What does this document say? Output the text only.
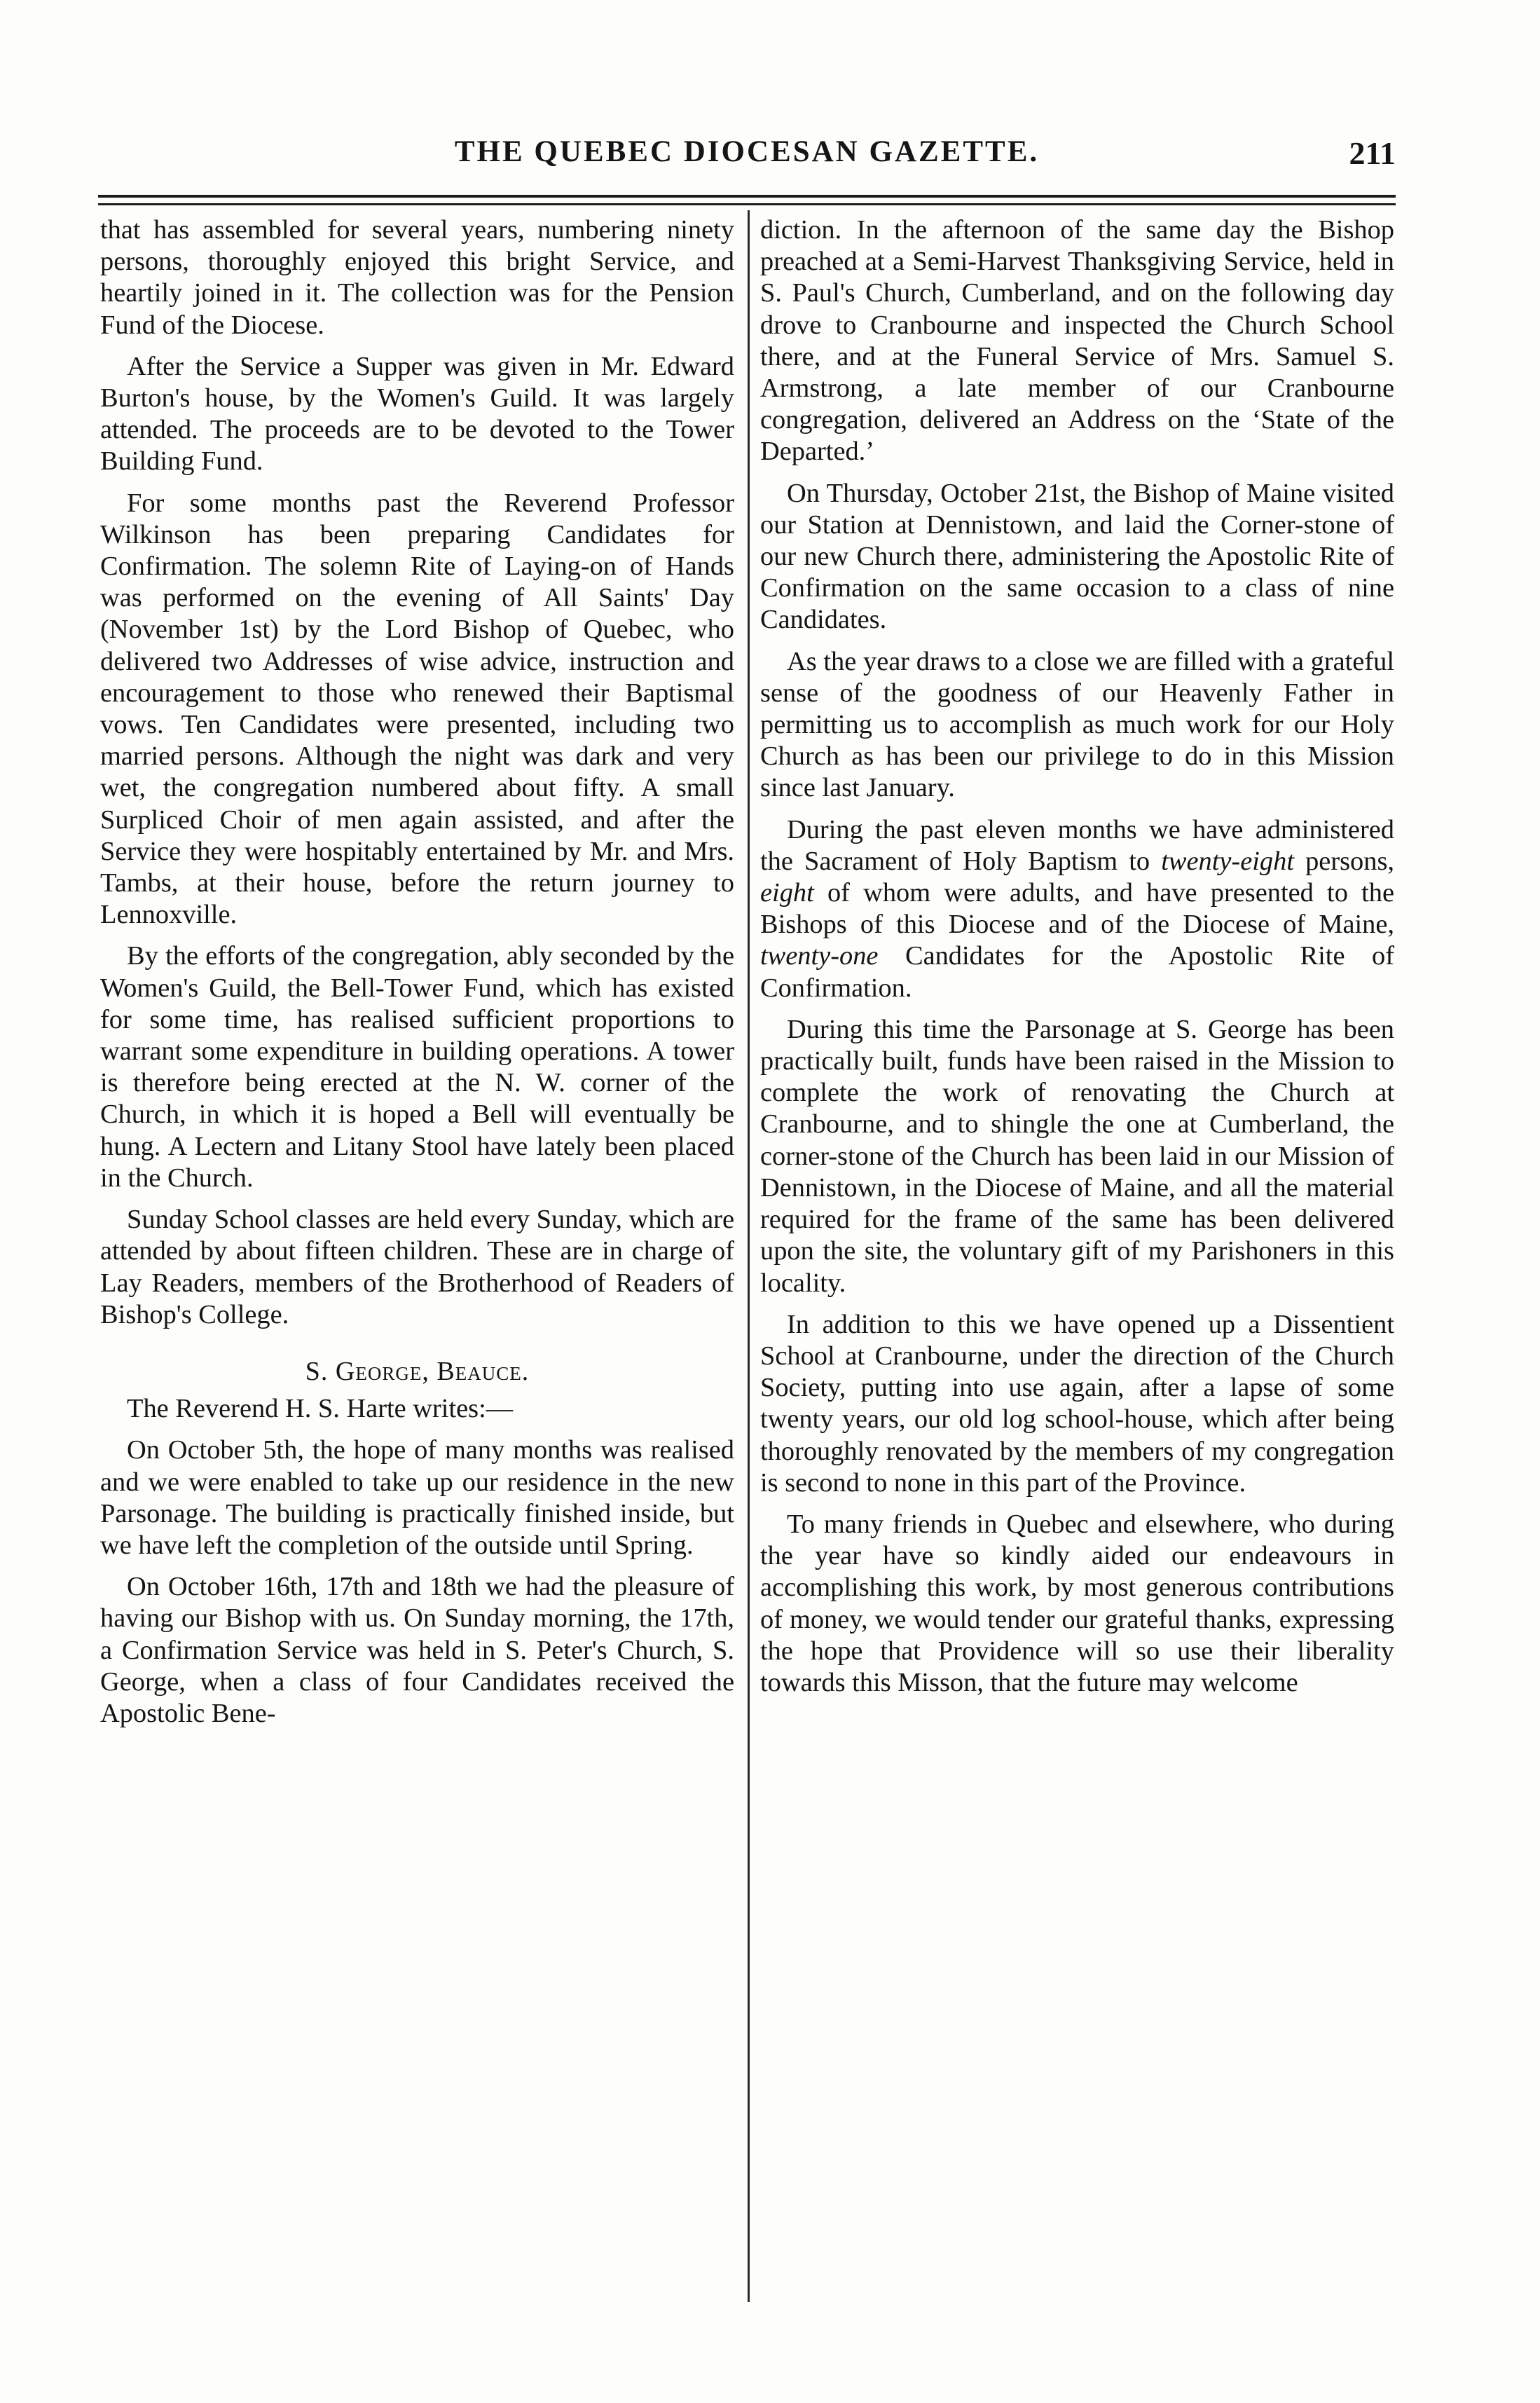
THE QUEBEC DIOCESAN GAZETTE.	211

that has assembled for several years, numbering ninety persons, thoroughly enjoyed this bright Service, and heartily joined in it. The collection was for the Pension Fund of the Diocese.

After the Service a Supper was given in Mr. Edward Burton's house, by the Women's Guild. It was largely attended. The proceeds are to be devoted to the Tower Building Fund.

For some months past the Reverend Professor Wilkinson has been preparing Candidates for Confirmation. The solemn Rite of Laying-on of Hands was performed on the evening of All Saints' Day (November 1st) by the Lord Bishop of Quebec, who delivered two Addresses of wise advice, instruction and encouragement to those who renewed their Baptismal vows. Ten Candidates were presented, including two married persons. Although the night was dark and very wet, the congregation numbered about fifty. A small Surpliced Choir of men again assisted, and after the Service they were hospitably entertained by Mr. and Mrs. Tambs, at their house, before the return journey to Lennoxville.

By the efforts of the congregation, ably seconded by the Women's Guild, the Bell-Tower Fund, which has existed for some time, has realised sufficient proportions to warrant some expenditure in building operations. A tower is therefore being erected at the N. W. corner of the Church, in which it is hoped a Bell will eventually be hung. A Lectern and Litany Stool have lately been placed in the Church.

Sunday School classes are held every Sunday, which are attended by about fifteen children. These are in charge of Lay Readers, members of the Brotherhood of Readers of Bishop's College.

S. George, Beauce.

The Reverend H. S. Harte writes:—

On October 5th, the hope of many months was realised and we were enabled to take up our residence in the new Parsonage. The building is practically finished inside, but we have left the completion of the outside until Spring.

On October 16th, 17th and 18th we had the pleasure of having our Bishop with us. On Sunday morning, the 17th, a Confirmation Service was held in S. Peter's Church, S. George, when a class of four Candidates received the Apostolic Bene-

diction. In the afternoon of the same day the Bishop preached at a Semi-Harvest Thanksgiving Service, held in S. Paul's Church, Cumberland, and on the following day drove to Cranbourne and inspected the Church School there, and at the Funeral Service of Mrs. Samuel S. Armstrong, a late member of our Cranbourne congregation, delivered an Address on the ‘State of the Departed.’

On Thursday, October 21st, the Bishop of Maine visited our Station at Dennistown, and laid the Corner-stone of our new Church there, administering the Apostolic Rite of Confirmation on the same occasion to a class of nine Candidates.

As the year draws to a close we are filled with a grateful sense of the goodness of our Heavenly Father in permitting us to accomplish as much work for our Holy Church as has been our privilege to do in this Mission since last January.

During the past eleven months we have administered the Sacrament of Holy Baptism to twenty-eight persons, eight of whom were adults, and have presented to the Bishops of this Diocese and of the Diocese of Maine, twenty-one Candidates for the Apostolic Rite of Confirmation.

During this time the Parsonage at S. George has been practically built, funds have been raised in the Mission to complete the work of renovating the Church at Cranbourne, and to shingle the one at Cumberland, the corner-stone of the Church has been laid in our Mission of Dennistown, in the Diocese of Maine, and all the material required for the frame of the same has been delivered upon the site, the voluntary gift of my Parishoners in this locality.

In addition to this we have opened up a Dissentient School at Cranbourne, under the direction of the Church Society, putting into use again, after a lapse of some twenty years, our old log school-house, which after being thoroughly renovated by the members of my congregation is second to none in this part of the Province.

To many friends in Quebec and elsewhere, who during the year have so kindly aided our endeavours in accomplishing this work, by most generous contributions of money, we would tender our grateful thanks, expressing the hope that Providence will so use their liberality towards this Misson, that the future may welcome
